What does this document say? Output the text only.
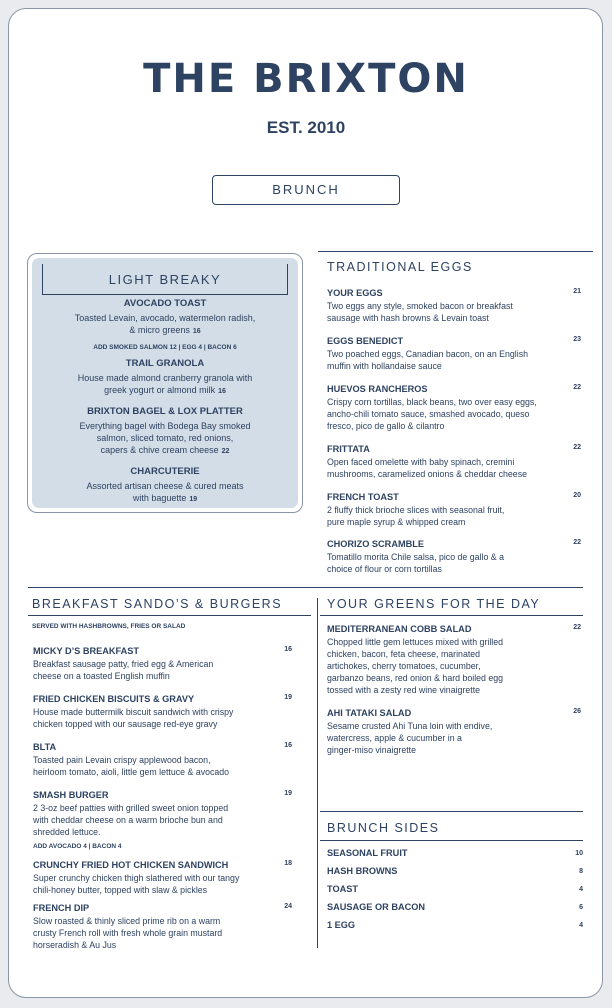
THE BRIXTON
EST. 2010
BRUNCH
LIGHT BREAKY
AVOCADO TOAST
Toasted Levain, avocado, watermelon radish,
& micro greens 16
ADD SMOKED SALMON 12 | EGG 4 | BACON 6
TRAIL GRANOLA
House made almond cranberry granola with
greek yogurt or almond milk 16
BRIXTON BAGEL & LOX PLATTER
Everything bagel with Bodega Bay smoked
salmon, sliced tomato, red onions,
capers & chive cream cheese 22
CHARCUTERIE
Assorted artisan cheese & cured meats
with baguette 19
TRADITIONAL EGGS
BREAKFAST SANDO’S & BURGERS
SERVED WITH HASHBROWNS, FRIES OR SALAD
YOUR GREENS FOR THE DAY
BRUNCH SIDES
YOUR EGGS
Two eggs any style, smoked bacon or breakfast
sausage with hash browns & Levain toast

21
EGGS BENEDICT
Two poached eggs, Canadian bacon, on an English
muffin with hollandaise sauce

23
HUEVOS RANCHEROS
Crispy corn tortillas, black beans, two over easy eggs,
ancho-chili tomato sauce, smashed avocado, queso
fresco, pico de gallo & cilantro

22
FRITTATA
Open faced omelette with baby spinach, cremini
mushrooms, caramelized onions & cheddar cheese

22
FRENCH TOAST
2 fluffy thick brioche slices with seasonal fruit,
pure maple syrup & whipped cream

20
CHORIZO SCRAMBLE
Tomatillo morita Chile salsa, pico de gallo & a
choice of flour or corn tortillas

22
MICKY D’S BREAKFAST
Breakfast sausage patty, fried egg & American
cheese on a toasted English muffin

16
FRIED CHICKEN BISCUITS & GRAVY
House made buttermilk biscuit sandwich with crispy
chicken topped with our sausage red-eye gravy

19
BLTA
Toasted pain Levain crispy applewood bacon,
heirloom tomato, aioli, little gem lettuce & avocado

16
SMASH BURGER
2 3-oz beef patties with grilled sweet onion topped
with cheddar cheese on a warm brioche bun and
shredded lettuce.

ADD AVOCADO 4 | BACON 4
19
CRUNCHY FRIED HOT CHICKEN SANDWICH
Super crunchy chicken thigh slathered with our tangy
chili-honey butter, topped with slaw & pickles

18
FRENCH DIP
Slow roasted & thinly sliced prime rib on a warm
crusty French roll with fresh whole grain mustard
horseradish & Au Jus

24
MEDITERRANEAN COBB SALAD
Chopped little gem lettuces mixed with grilled
chicken, bacon, feta cheese, marinated
artichokes, cherry tomatoes, cucumber,
garbanzo beans, red onion & hard boiled egg
tossed with a zesty red wine vinaigrette

22
AHI TATAKI SALAD
Sesame crusted Ahi Tuna loin with endive,
watercress, apple & cucumber in a
ginger-miso vinaigrette

26
SEASONAL FRUIT	10
HASH BROWNS	8
TOAST	4
SAUSAGE OR BACON	6
1 EGG	4
